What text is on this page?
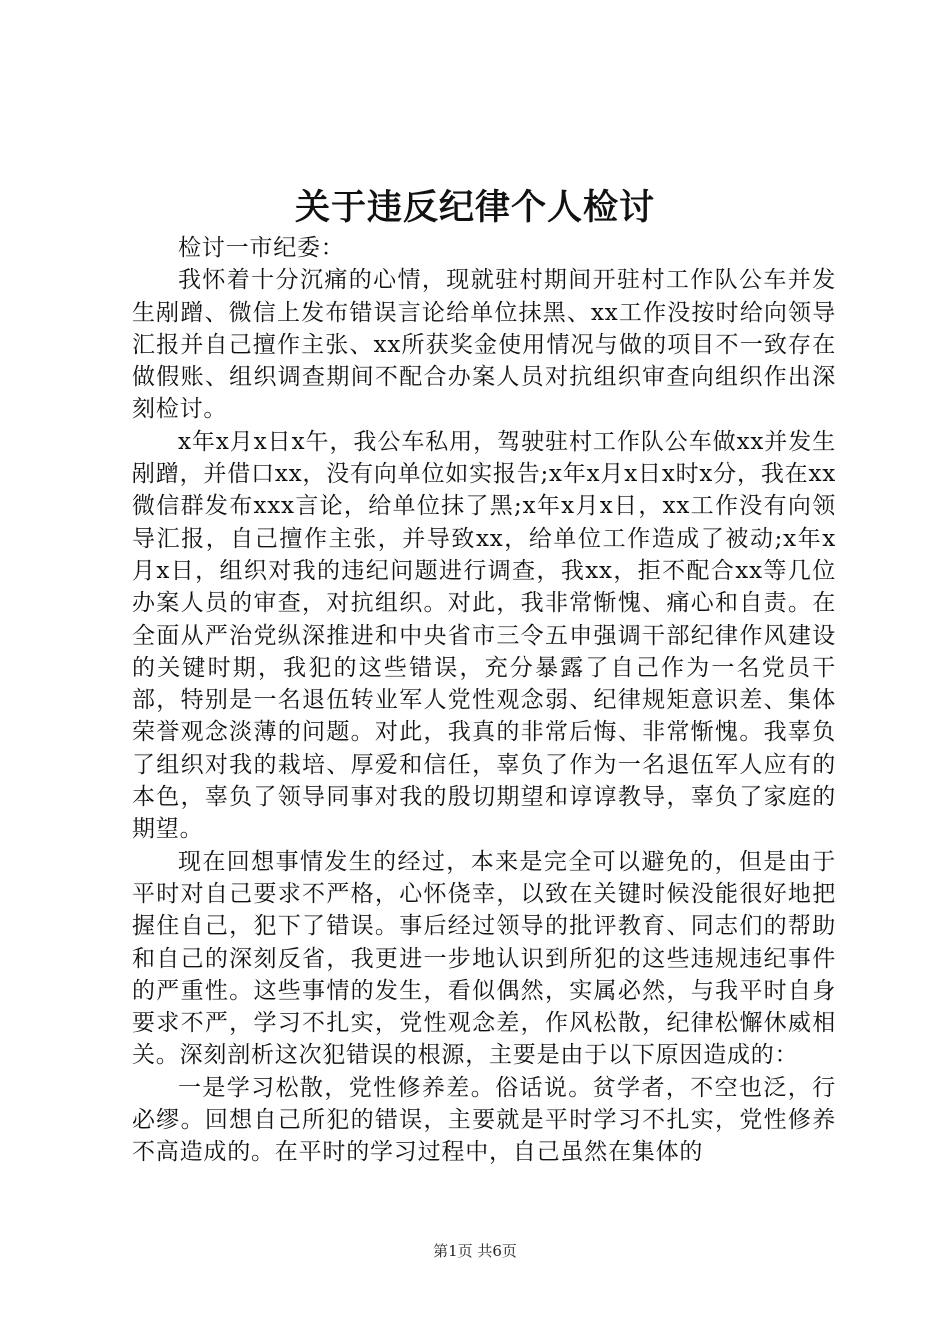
关于违反纪律个人检讨

检讨一市纪委：

我怀着十分沉痛的心情，现就驻村期间开驻村工作队公车并发生剐蹭、微信上发布错误言论给单位抹黑、xx工作没按时给向领导汇报并自己擅作主张、xx所获奖金使用情况与做的项目不一致存在做假账、组织调查期间不配合办案人员对抗组织审查向组织作出深刻检讨。

x年x月x日x午，我公车私用，驾驶驻村工作队公车做xx并发生剐蹭，并借口xx，没有向单位如实报告;x年x月x日x时x分，我在xx微信群发布xxx言论，给单位抹了黑;x年x月x日，xx工作没有向领导汇报，自己擅作主张，并导致xx，给单位工作造成了被动;x年x月x日，组织对我的违纪问题进行调查，我xx，拒不配合xx等几位办案人员的审查，对抗组织。对此，我非常惭愧、痛心和自责。在全面从严治党纵深推进和中央省市三令五申强调干部纪律作风建设的关键时期，我犯的这些错误，充分暴露了自己作为一名党员干部，特别是一名退伍转业军人党性观念弱、纪律规矩意识差、集体荣誉观念淡薄的问题。对此，我真的非常后悔、非常惭愧。我辜负了组织对我的栽培、厚爱和信任，辜负了作为一名退伍军人应有的本色，辜负了领导同事对我的殷切期望和谆谆教导，辜负了家庭的期望。

现在回想事情发生的经过，本来是完全可以避免的，但是由于平时对自己要求不严格，心怀侥幸，以致在关键时候没能很好地把握住自己，犯下了错误。事后经过领导的批评教育、同志们的帮助和自己的深刻反省，我更进一步地认识到所犯的这些违规违纪事件的严重性。这些事情的发生，看似偶然，实属必然，与我平时自身要求不严，学习不扎实，党性观念差，作风松散，纪律松懈休威相关。深刻剖析这次犯错误的根源，主要是由于以下原因造成的：

一是学习松散，党性修养差。俗话说。贫学者，不空也泛，行必缪。回想自己所犯的错误，主要就是平时学习不扎实，党性修养不高造成的。在平时的学习过程中，自己虽然在集体的

第1页 共6页
